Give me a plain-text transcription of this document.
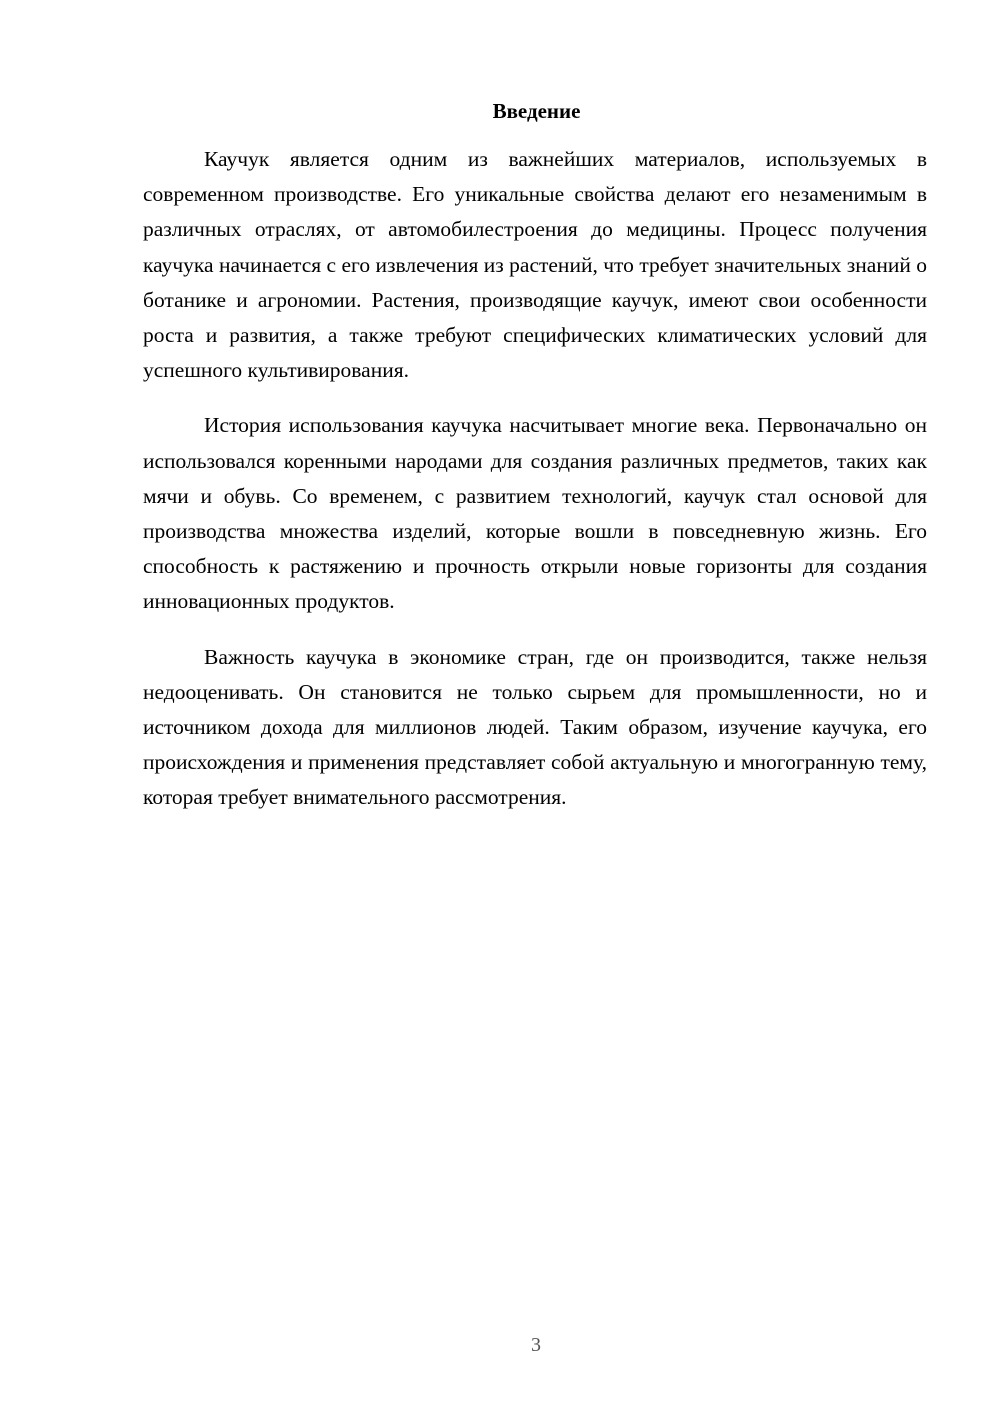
Введение

Каучук является одним из важнейших материалов, используемых в современном производстве. Его уникальные свойства делают его незаменимым в различных отраслях, от автомобилестроения до медицины. Процесс получения каучука начинается с его извлечения из растений, что требует значительных знаний о ботанике и агрономии. Растения, производящие каучук, имеют свои особенности роста и развития, а также требуют специфических климатических условий для успешного культивирования.

История использования каучука насчитывает многие века. Первоначально он использовался коренными народами для создания различных предметов, таких как мячи и обувь. Со временем, с развитием технологий, каучук стал основой для производства множества изделий, которые вошли в повседневную жизнь. Его способность к растяжению и прочность открыли новые горизонты для создания инновационных продуктов.

Важность каучука в экономике стран, где он производится, также нельзя недооценивать. Он становится не только сырьем для промышленности, но и источником дохода для миллионов людей. Таким образом, изучение каучука, его происхождения и применения представляет собой актуальную и многогранную тему, которая требует внимательного рассмотрения.

3
